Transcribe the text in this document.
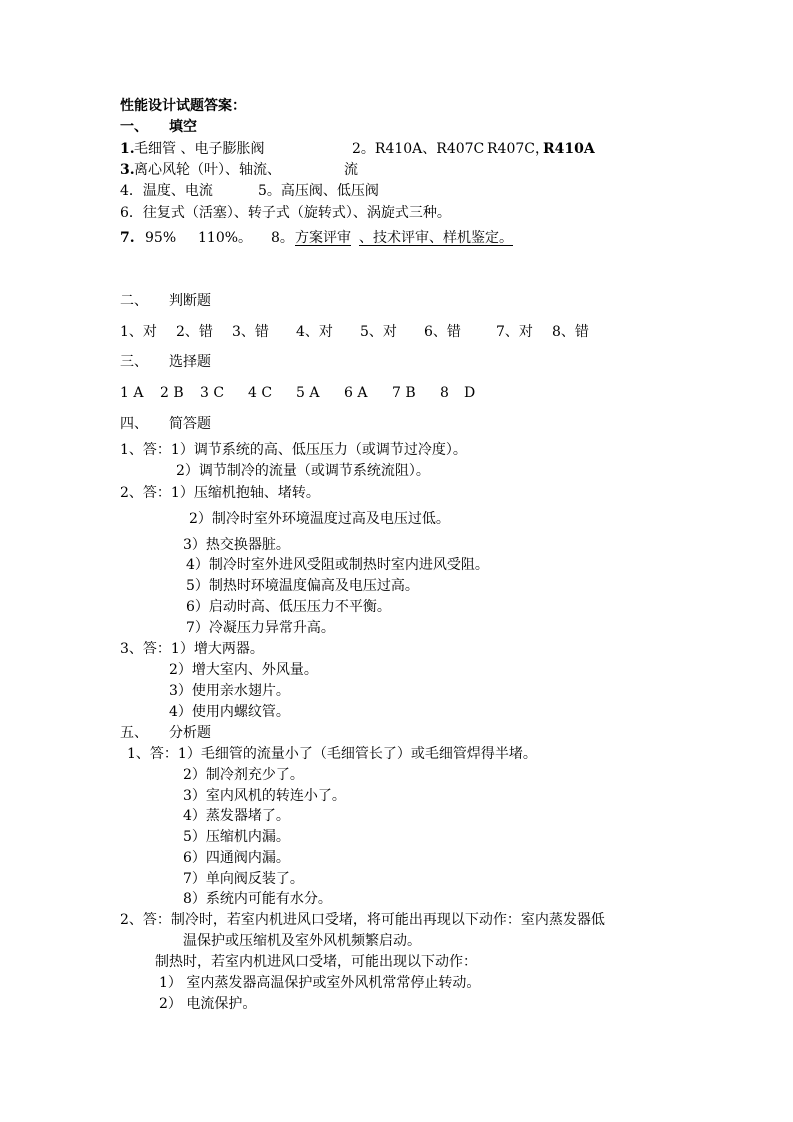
性能设计试题答案：
一、 填空
1. 毛细管 、电子膨胀阀	2。R410A、R407C R407C，
R410A
3. 离心风轮（叶）、轴流、	流
4．温度、电流	5。高压阀、低压阀
6．往复式（活塞）、转子式（旋转式）、涡旋式三种。
7. 95% 110%。 8。 方案评审 、 技术评审、样机鉴定。
二、 判断题
1、对 2、错 3、错 4、对 5、对 6、错	7、对 8、错
三、 选择题
1 A 2 B 3 C 4 C 5 A 6 A 7 B 8 D
四、 简答题
1、答：1）调节系统的高、低压压力（或调节过冷度）。
2）调节制冷的流量（或调节系统流阻）。
2、答：1）压缩机抱轴、堵转。
2）制冷时室外环境温度过高及电压过低。
3）热交换器脏。
4）制冷时室外进风受阻或制热时室内进风受阻。
5）制热时环境温度偏高及电压过高。
6）启动时高、低压压力不平衡。
7）冷凝压力异常升高。
3、答：1）增大两器。
2）增大室内、外风量。
3）使用亲水翅片。
4）使用内螺纹管。
五、 分析题
1、答：1）毛细管的流量小了（毛细管长了）或毛细管焊得半堵。
2）制冷剂充少了。
3）室内风机的转连小了。
4）蒸发器堵了。
5）压缩机内漏。
6）四通阀内漏。
7）单向阀反装了。
8）系统内可能有水分。
2、答：制冷时，若室内机进风口受堵，将可能出再现以下动作：室内蒸发器低
温保护或压缩机及室外风机频繁启动。
制热时，若室内机进风口受堵，可能出现以下动作：
1） 室内蒸发器高温保护或室外风机常常停止转动。
2） 电流保护。
